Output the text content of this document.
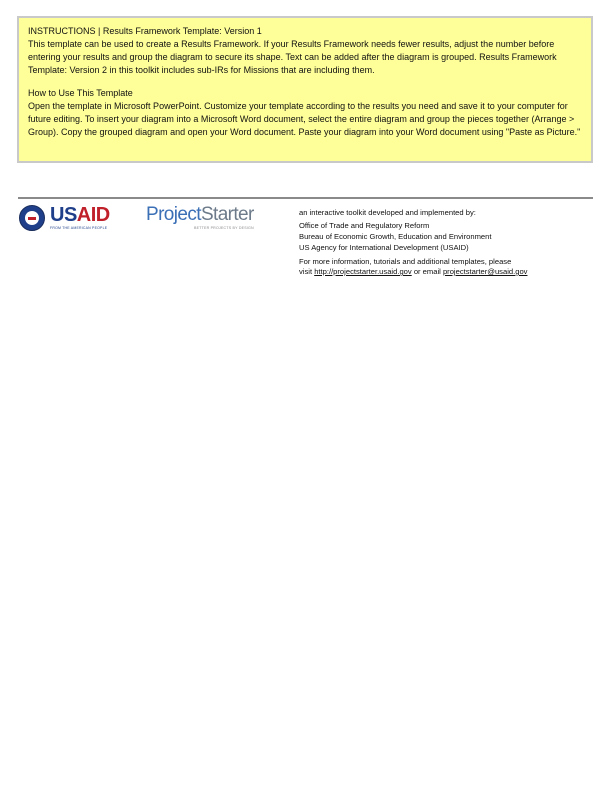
INSTRUCTIONS | Results Framework Template: Version 1

This template can be used to create a Results Framework. If your Results Framework needs fewer results, adjust the number before entering your results and group the diagram to secure its shape. Text can be added after the diagram is grouped. Results Framework Template: Version 2 in this toolkit includes sub-IRs for Missions that are including them.

How to Use This Template

Open the template in Microsoft PowerPoint. Customize your template according to the results you need and save it to your computer for future editing. To insert your diagram into a Microsoft Word document, select the entire diagram and group the pieces together (Arrange > Group). Copy the grouped diagram and open your Word document. Paste your diagram into your Word document using "Paste as Picture."

USAID
FROM THE AMERICAN PEOPLE
ProjectStarter
BETTER PROJECTS BY DESIGN

an interactive toolkit developed and implemented by:

Office of Trade and Regulatory Reform

Bureau of Economic Growth, Education and Environment

US Agency for International Development (USAID)

For more information, tutorials and additional templates, please
visit http://projectstarter.usaid.gov or email projectstarter@usaid.gov
